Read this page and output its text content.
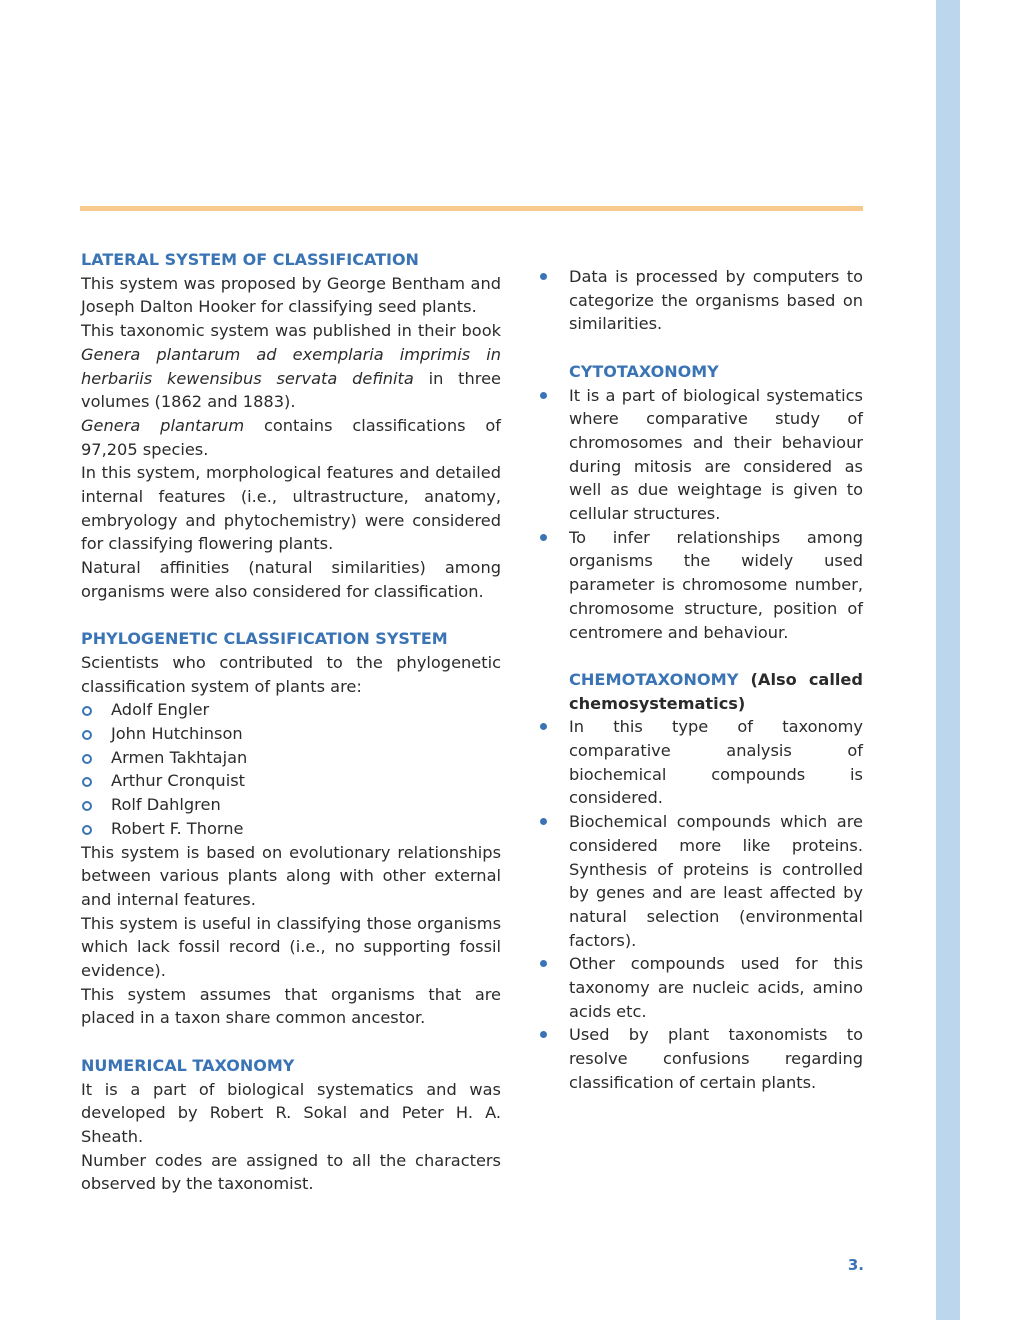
LATERAL SYSTEM OF CLASSIFICATION

This system was proposed by George Bentham and Joseph Dalton Hooker for classifying seed plants.

This taxonomic system was published in their book Genera plantarum ad exemplaria imprimis in herbariis kewensibus servata definita in three volumes (1862 and 1883).

Genera plantarum contains classifications of 97,205 species.

In this system, morphological features and detailed internal features (i.e., ultrastructure, anatomy, embryology and phytochemistry) were considered for classifying flowering plants.

Natural affinities (natural similarities) among organisms were also considered for classification.

PHYLOGENETIC CLASSIFICATION SYSTEM

Scientists who contributed to the phylogenetic classification system of plants are:

Adolf Engler
John Hutchinson
Armen Takhtajan
Arthur Cronquist
Rolf Dahlgren
Robert F. Thorne

This system is based on evolutionary relationships between various plants along with other external and internal features.

This system is useful in classifying those organisms which lack fossil record (i.e., no supporting fossil evidence).

This system assumes that organisms that are placed in a taxon share common ancestor.

NUMERICAL TAXONOMY

It is a part of biological systematics and was developed by Robert R. Sokal and Peter H. A. Sheath.

Number codes are assigned to all the characters observed by the taxonomist.

Data is processed by computers to categorize the organisms based on similarities.
CYTOTAXONOMY
It is a part of biological systematics where comparative study of chromosomes and their behaviour during mitosis are considered as well as due weightage is given to cellular structures.
To infer relationships among organisms the widely used parameter is chromosome number, chromosome structure, position of centromere and behaviour.
CHEMOTAXONOMY (Also called chemosystematics)
In this type of taxonomy comparative analysis of biochemical compounds is considered.
Biochemical compounds which are considered more like proteins. Synthesis of proteins is controlled by genes and are least affected by natural selection (environmental factors).
Other compounds used for this taxonomy are nucleic acids, amino acids etc.
Used by plant taxonomists to resolve confusions regarding classification of certain plants.
3.
